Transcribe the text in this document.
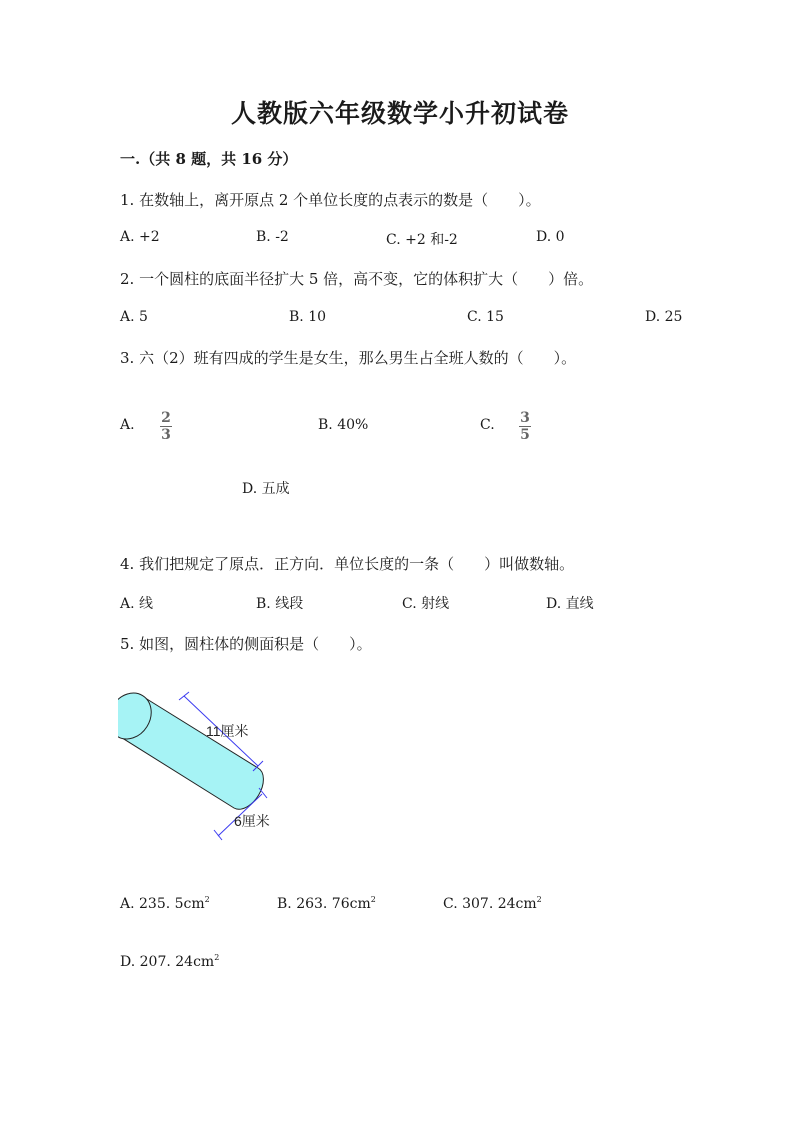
人教版六年级数学小升初试卷
一.（共 8 题，共 16 分）
1. 在数轴上，离开原点 2 个单位长度的点表示的数是（　　）。
A. +2	B. -2	C. +2 和-2	D. 0
2. 一个圆柱的底面半径扩大 5 倍，高不变，它的体积扩大（　　）倍。
A. 5	B. 10	C. 15	D. 25
3. 六（2）班有四成的学生是女生，那么男生占全班人数的（　　）。
A. 2
3
B. 40%	C. 3
5
D. 五成
4. 我们把规定了原点．正方向．单位长度的一条（　　）叫做数轴。
A. 线	B. 线段	C. 射线	D. 直线
5. 如图，圆柱体的侧面积是（　　）。
11厘米
6厘米
A. 235. $5cm^2$	B. 263. $76cm^2$	C. 307. $24cm^2$
D. 207. $24cm^2$
